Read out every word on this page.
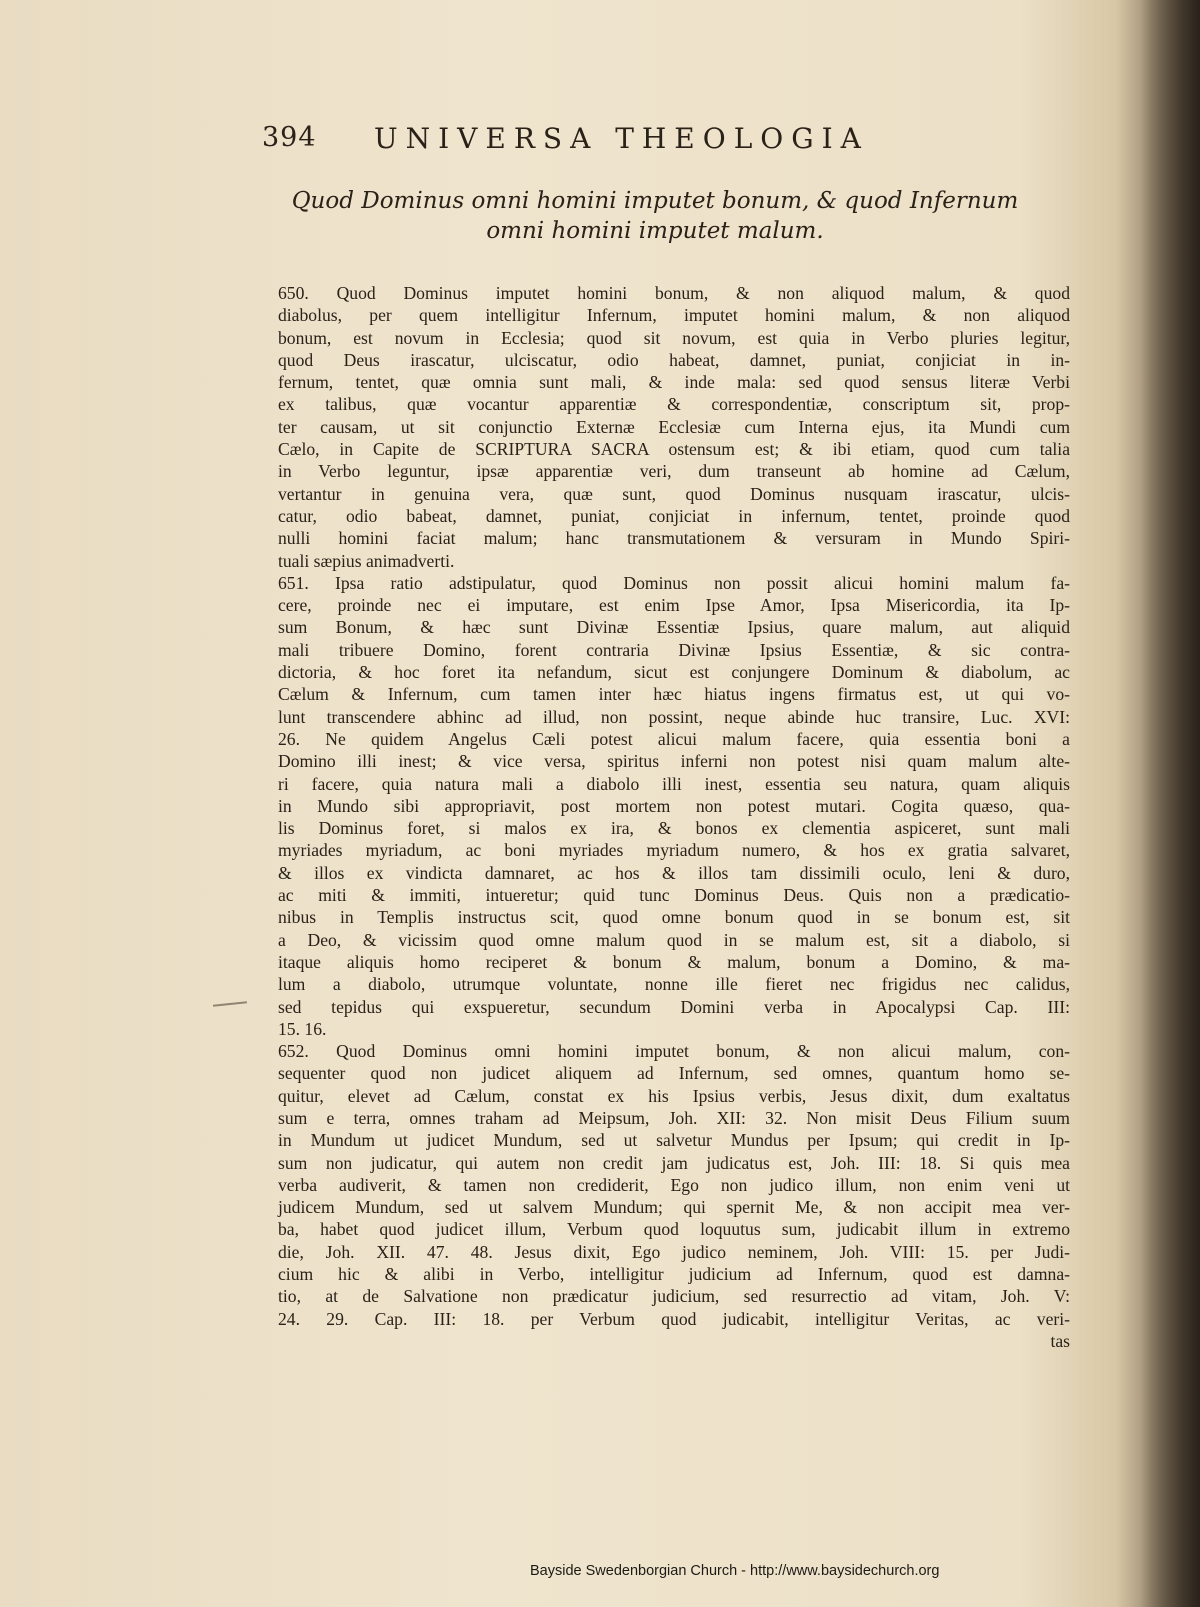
394 UNIVERSA THEOLOGIA
Quod Dominus omni homini imputet bonum, & quod Infernum
omni homini imputet malum.
650. Quod Dominus imputet homini bonum, & non aliquod malum, & quod
diabolus, per quem intelligitur Infernum, imputet homini malum, & non aliquod
bonum, est novum in Ecclesia; quod sit novum, est quia in Verbo pluries legitur,
quod Deus irascatur, ulciscatur, odio habeat, damnet, puniat, conjiciat in in-
fernum, tentet, quæ omnia sunt mali, & inde mala: sed quod sensus literæ Verbi
ex talibus, quæ vocantur apparentiæ & correspondentiæ, conscriptum sit, prop-
ter causam, ut sit conjunctio Externæ Ecclesiæ cum Interna ejus, ita Mundi cum
Cælo, in Capite de SCRIPTURA SACRA ostensum est; & ibi etiam, quod cum talia
in Verbo leguntur, ipsæ apparentiæ veri, dum transeunt ab homine ad Cælum,
vertantur in genuina vera, quæ sunt, quod Dominus nusquam irascatur, ulcis-
catur, odio babeat, damnet, puniat, conjiciat in infernum, tentet, proinde quod
nulli homini faciat malum; hanc transmutationem & versuram in Mundo Spiri-
tuali sæpius animadverti.
651. Ipsa ratio adstipulatur, quod Dominus non possit alicui homini malum fa-
cere, proinde nec ei imputare, est enim Ipse Amor, Ipsa Misericordia, ita Ip-
sum Bonum, & hæc sunt Divinæ Essentiæ Ipsius, quare malum, aut aliquid
mali tribuere Domino, forent contraria Divinæ Ipsius Essentiæ, & sic contra-
dictoria, & hoc foret ita nefandum, sicut est conjungere Dominum & diabolum, ac
Cælum & Infernum, cum tamen inter hæc hiatus ingens firmatus est, ut qui vo-
lunt transcendere abhinc ad illud, non possint, neque abinde huc transire, Luc. XVI:
26. Ne quidem Angelus Cæli potest alicui malum facere, quia essentia boni a
Domino illi inest; & vice versa, spiritus inferni non potest nisi quam malum alte-
ri facere, quia natura mali a diabolo illi inest, essentia seu natura, quam aliquis
in Mundo sibi appropriavit, post mortem non potest mutari. Cogita quæso, qua-
lis Dominus foret, si malos ex ira, & bonos ex clementia aspiceret, sunt mali
myriades myriadum, ac boni myriades myriadum numero, & hos ex gratia salvaret,
& illos ex vindicta damnaret, ac hos & illos tam dissimili oculo, leni & duro,
ac miti & immiti, intueretur; quid tunc Dominus Deus. Quis non a prædicatio-
nibus in Templis instructus scit, quod omne bonum quod in se bonum est, sit
a Deo, & vicissim quod omne malum quod in se malum est, sit a diabolo, si
itaque aliquis homo reciperet & bonum & malum, bonum a Domino, & ma-
lum a diabolo, utrumque voluntate, nonne ille fieret nec frigidus nec calidus,
sed tepidus qui exspueretur, secundum Domini verba in Apocalypsi Cap. III:
15. 16.
652. Quod Dominus omni homini imputet bonum, & non alicui malum, con-
sequenter quod non judicet aliquem ad Infernum, sed omnes, quantum homo se-
quitur, elevet ad Cælum, constat ex his Ipsius verbis, Jesus dixit, dum exaltatus
sum e terra, omnes traham ad Meipsum, Joh. XII: 32. Non misit Deus Filium suum
in Mundum ut judicet Mundum, sed ut salvetur Mundus per Ipsum; qui credit in Ip-
sum non judicatur, qui autem non credit jam judicatus est, Joh. III: 18. Si quis mea
verba audiverit, & tamen non crediderit, Ego non judico illum, non enim veni ut
judicem Mundum, sed ut salvem Mundum; qui spernit Me, & non accipit mea ver-
ba, habet quod judicet illum, Verbum quod loquutus sum, judicabit illum in extremo
die, Joh. XII. 47. 48. Jesus dixit, Ego judico neminem, Joh. VIII: 15. per Judi-
cium hic & alibi in Verbo, intelligitur judicium ad Infernum, quod est damna-
tio, at de Salvatione non prædicatur judicium, sed resurrectio ad vitam, Joh. V:
24. 29. Cap. III: 18. per Verbum quod judicabit, intelligitur Veritas, ac veri-
tas
Bayside Swedenborgian Church - http://www.baysidechurch.org
